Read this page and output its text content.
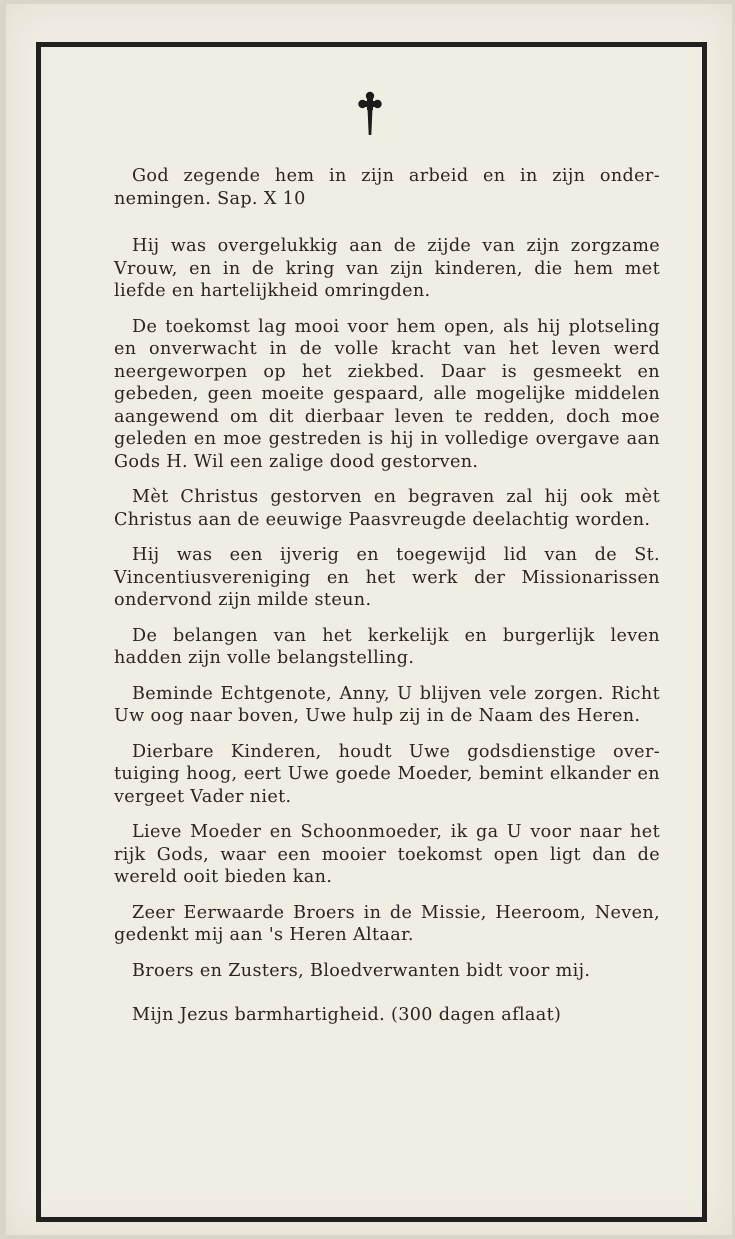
God zegende hem in zijn arbeid en in zijn onder-nemingen. Sap. X 10

Hij was overgelukkig aan de zijde van zijn zorgzame Vrouw, en in de kring van zijn kinderen, die hem met liefde en hartelijkheid omringden.

De toekomst lag mooi voor hem open, als hij plotseling en onverwacht in de volle kracht van het leven werd neergeworpen op het ziekbed. Daar is gesmeekt en gebeden, geen moeite gespaard, alle mogelijke middelen aangewend om dit dierbaar leven te redden, doch moe geleden en moe gestreden is hij in volledige overgave aan Gods H. Wil een zalige dood gestorven.

Mèt Christus gestorven en begraven zal hij ook mèt Christus aan de eeuwige Paasvreugde deelachtig worden.

Hij was een ijverig en toegewijd lid van de St. Vincentiusvereniging en het werk der Missionarissen ondervond zijn milde steun.

De belangen van het kerkelijk en burgerlijk leven hadden zijn volle belangstelling.

Beminde Echtgenote, Anny, U blijven vele zorgen. Richt Uw oog naar boven, Uwe hulp zij in de Naam des Heren.

Dierbare Kinderen, houdt Uwe godsdienstige over-tuiging hoog, eert Uwe goede Moeder, bemint elkander en vergeet Vader niet.

Lieve Moeder en Schoonmoeder, ik ga U voor naar het rijk Gods, waar een mooier toekomst open ligt dan de wereld ooit bieden kan.

Zeer Eerwaarde Broers in de Missie, Heeroom, Neven, gedenkt mij aan 's Heren Altaar.

Broers en Zusters, Bloedverwanten bidt voor mij.

Mijn Jezus barmhartigheid. (300 dagen aflaat)
